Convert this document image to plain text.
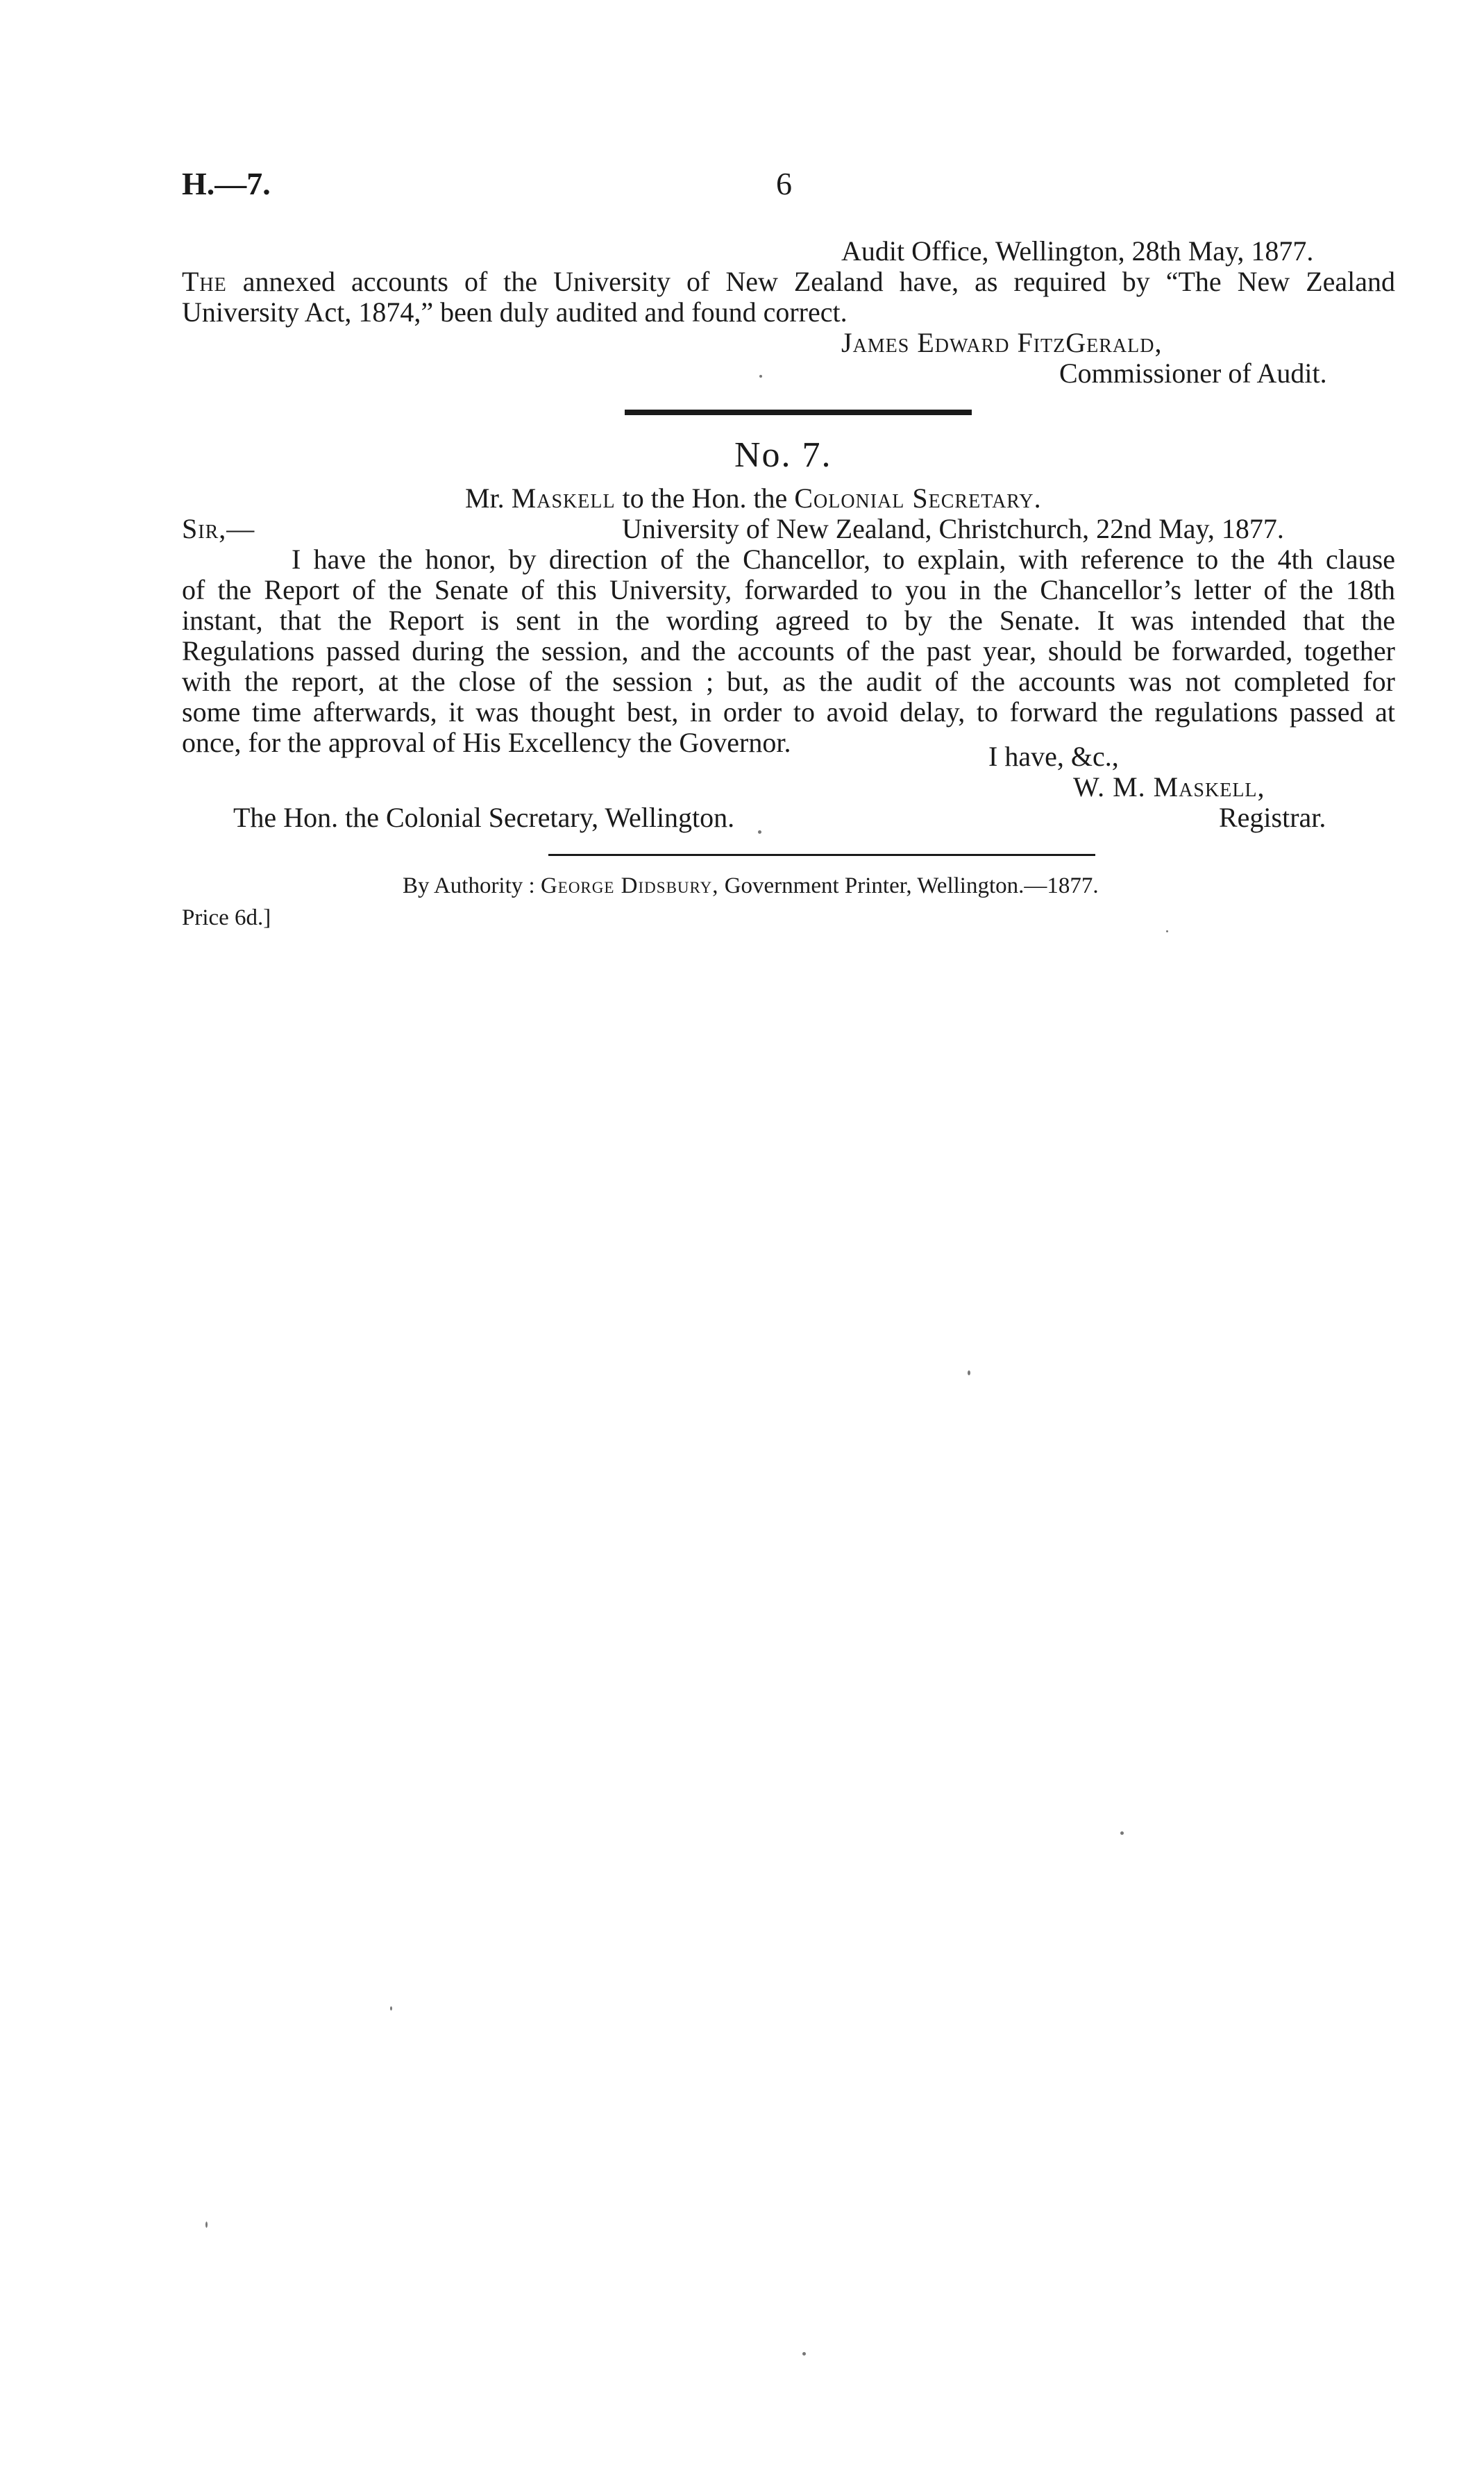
H.—7.	6
Audit Office, Wellington, 28th May, 1877.
The annexed accounts of the University of New Zealand have, as required by “The New Zealand
University Act, 1874,” been duly audited and found correct.
James Edward FitzGerald,
Commissioner of Audit.
No. 7.
Mr. Maskell to the Hon. the Colonial Secretary.
Sir,—	University of New Zealand, Christchurch, 22nd May, 1877.
I have the honor, by direction of the Chancellor, to explain, with reference to the 4th clause
of the Report of the Senate of this University, forwarded to you in the Chancellor’s letter of the 18th
instant, that the Report is sent in the wording agreed to by the Senate. It was intended that the
Regulations passed during the session, and the accounts of the past year, should be forwarded, together
with the report, at the close of the session ; but, as the audit of the accounts was not completed for
some time afterwards, it was thought best, in order to avoid delay, to forward the regulations passed at
once, for the approval of His Excellency the Governor.	I have, &c.,
W. M. Maskell,
The Hon. the Colonial Secretary, Wellington.	Registrar.
By Authority : George Didsbury, Government Printer, Wellington.—1877.
Price 6d.]
